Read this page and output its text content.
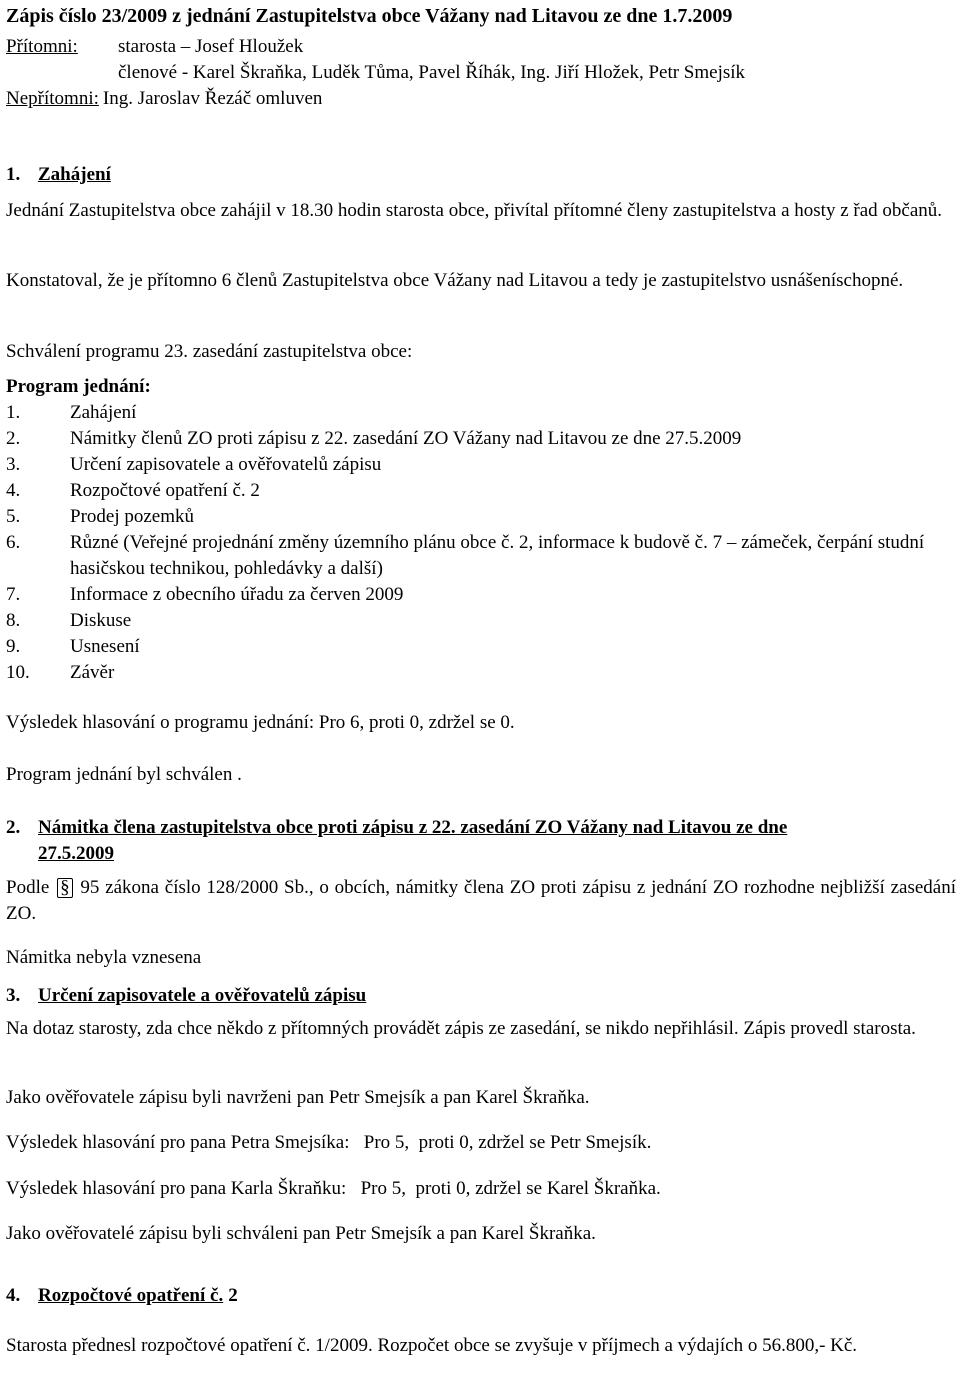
Zápis číslo 23/2009 z jednání Zastupitelstva obce Vážany nad Litavou ze dne 1.7.2009
Přítomni:	starosta – Josef Hloužek
členové - Karel Škraňka, Luděk Tůma, Pavel Říhák, Ing. Jiří Hložek, Petr Smejsík
Nepřítomni: Ing. Jaroslav Řezáč omluven
1. Zahájení

Jednání Zastupitelstva obce zahájil v 18.30 hodin starosta obce, přivítal přítomné členy zastupitelstva a hosty z řad občanů.

Konstatoval, že je přítomno 6 členů Zastupitelstva obce Vážany nad Litavou a tedy je zastupitelstvo usnášeníschopné.

Schválení programu 23. zasedání zastupitelstva obce:

Program jednání:
1.	Zahájení
2.	Námitky členů ZO proti zápisu z 22. zasedání ZO Vážany nad Litavou ze dne 27.5.2009
3.	Určení zapisovatele a ověřovatelů zápisu
4.	Rozpočtové opatření č. 2
5.	Prodej pozemků
6.	Různé (Veřejné projednání změny územního plánu obce č. 2, informace k budově č. 7 – zámeček, čerpání studní hasičskou technikou, pohledávky a další)
7.	Informace z obecního úřadu za červen 2009
8.	Diskuse
9.	Usnesení
10.	Závěr

Výsledek hlasování o programu jednání: Pro 6, proti 0, zdržel se 0.

Program jednání byl schválen .

2. Námitka člena zastupitelstva obce proti zápisu z 22. zasedání ZO Vážany nad Litavou ze dne
27.5.2009

Podle § 95 zákona číslo 128/2000 Sb., o obcích, námitky člena ZO proti zápisu z jednání ZO rozhodne nejbližší zasedání ZO.

Námitka nebyla vznesena

3. Určení zapisovatele a ověřovatelů zápisu

Na dotaz starosty, zda chce někdo z přítomných provádět zápis ze zasedání, se nikdo nepřihlásil. Zápis provedl starosta.

Jako ověřovatele zápisu byli navrženi pan Petr Smejsík a pan Karel Škraňka.

Výsledek hlasování pro pana Petra Smejsíka:   Pro 5,  proti 0, zdržel se Petr Smejsík.

Výsledek hlasování pro pana Karla Škraňku:   Pro 5,  proti 0, zdržel se Karel Škraňka.

Jako ověřovatelé zápisu byli schváleni pan Petr Smejsík a pan Karel Škraňka.

4. Rozpočtové opatření č. 2

Starosta přednesl rozpočtové opatření č. 1/2009. Rozpočet obce se zvyšuje v příjmech a výdajích o 56.800,- Kč.
